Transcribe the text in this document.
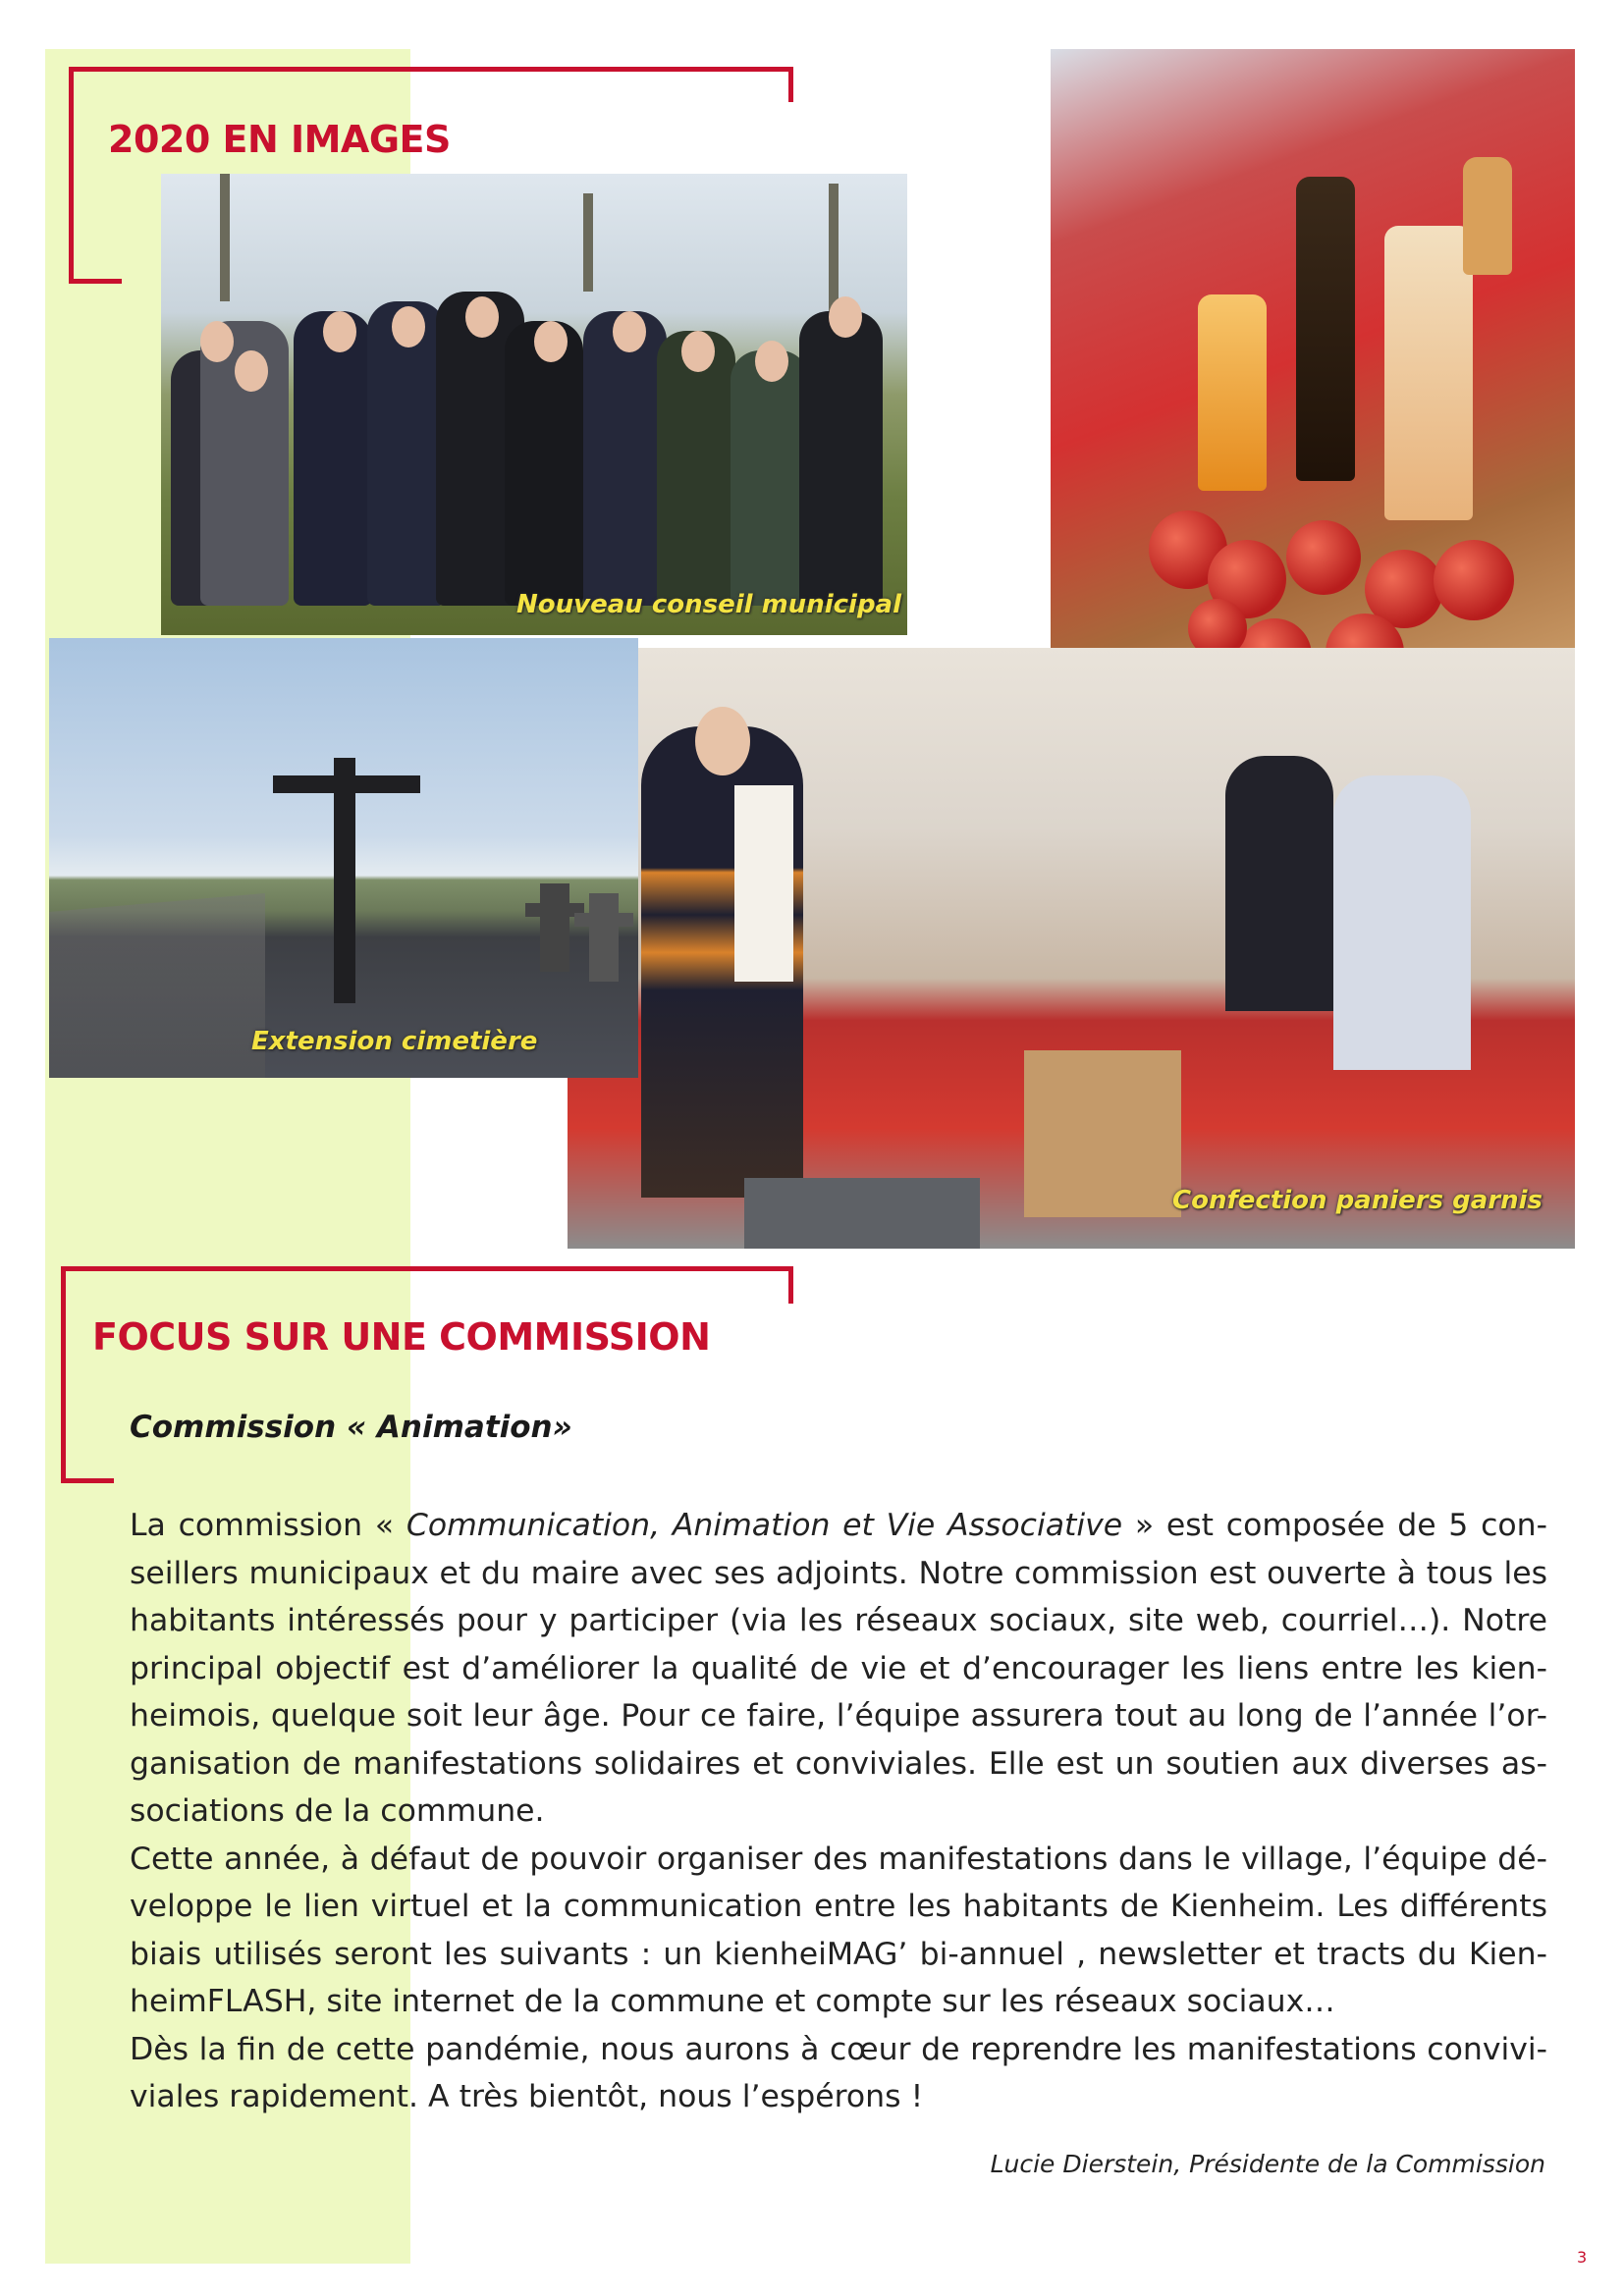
2020 EN IMAGES
Nouveau conseil municipal
Confection paniers garnis
Extension cimetière
FOCUS SUR UNE COMMISSION

Commission « Animation»

La commission « Communication, Animation et Vie Associative » est composée de 5 con-
seillers municipaux et du maire avec ses adjoints. Notre commission est ouverte à tous les
habitants intéressés pour y participer (via les réseaux sociaux, site web, courriel…). Notre
principal objectif est d’améliorer la qualité de vie et d’encourager les liens entre les kien-
heimois, quelque soit leur âge. Pour ce faire, l’équipe assurera tout au long de l’année l’or-
ganisation de manifestations solidaires et conviviales. Elle est un soutien aux diverses as-
sociations de la commune.
Cette année, à défaut de pouvoir organiser des manifestations dans le village, l’équipe dé-
veloppe le lien virtuel et la communication entre les habitants de Kienheim. Les différents
biais utilisés seront les suivants : un kienheiMAG’ bi-annuel , newsletter et tracts du Kien-
heimFLASH, site internet de la commune et compte sur les réseaux sociaux…
Dès la fin de cette pandémie, nous aurons à cœur de reprendre les manifestations convivi-
viales rapidement. A très bientôt, nous l’espérons !

Lucie Dierstein, Présidente de la Commission

3
